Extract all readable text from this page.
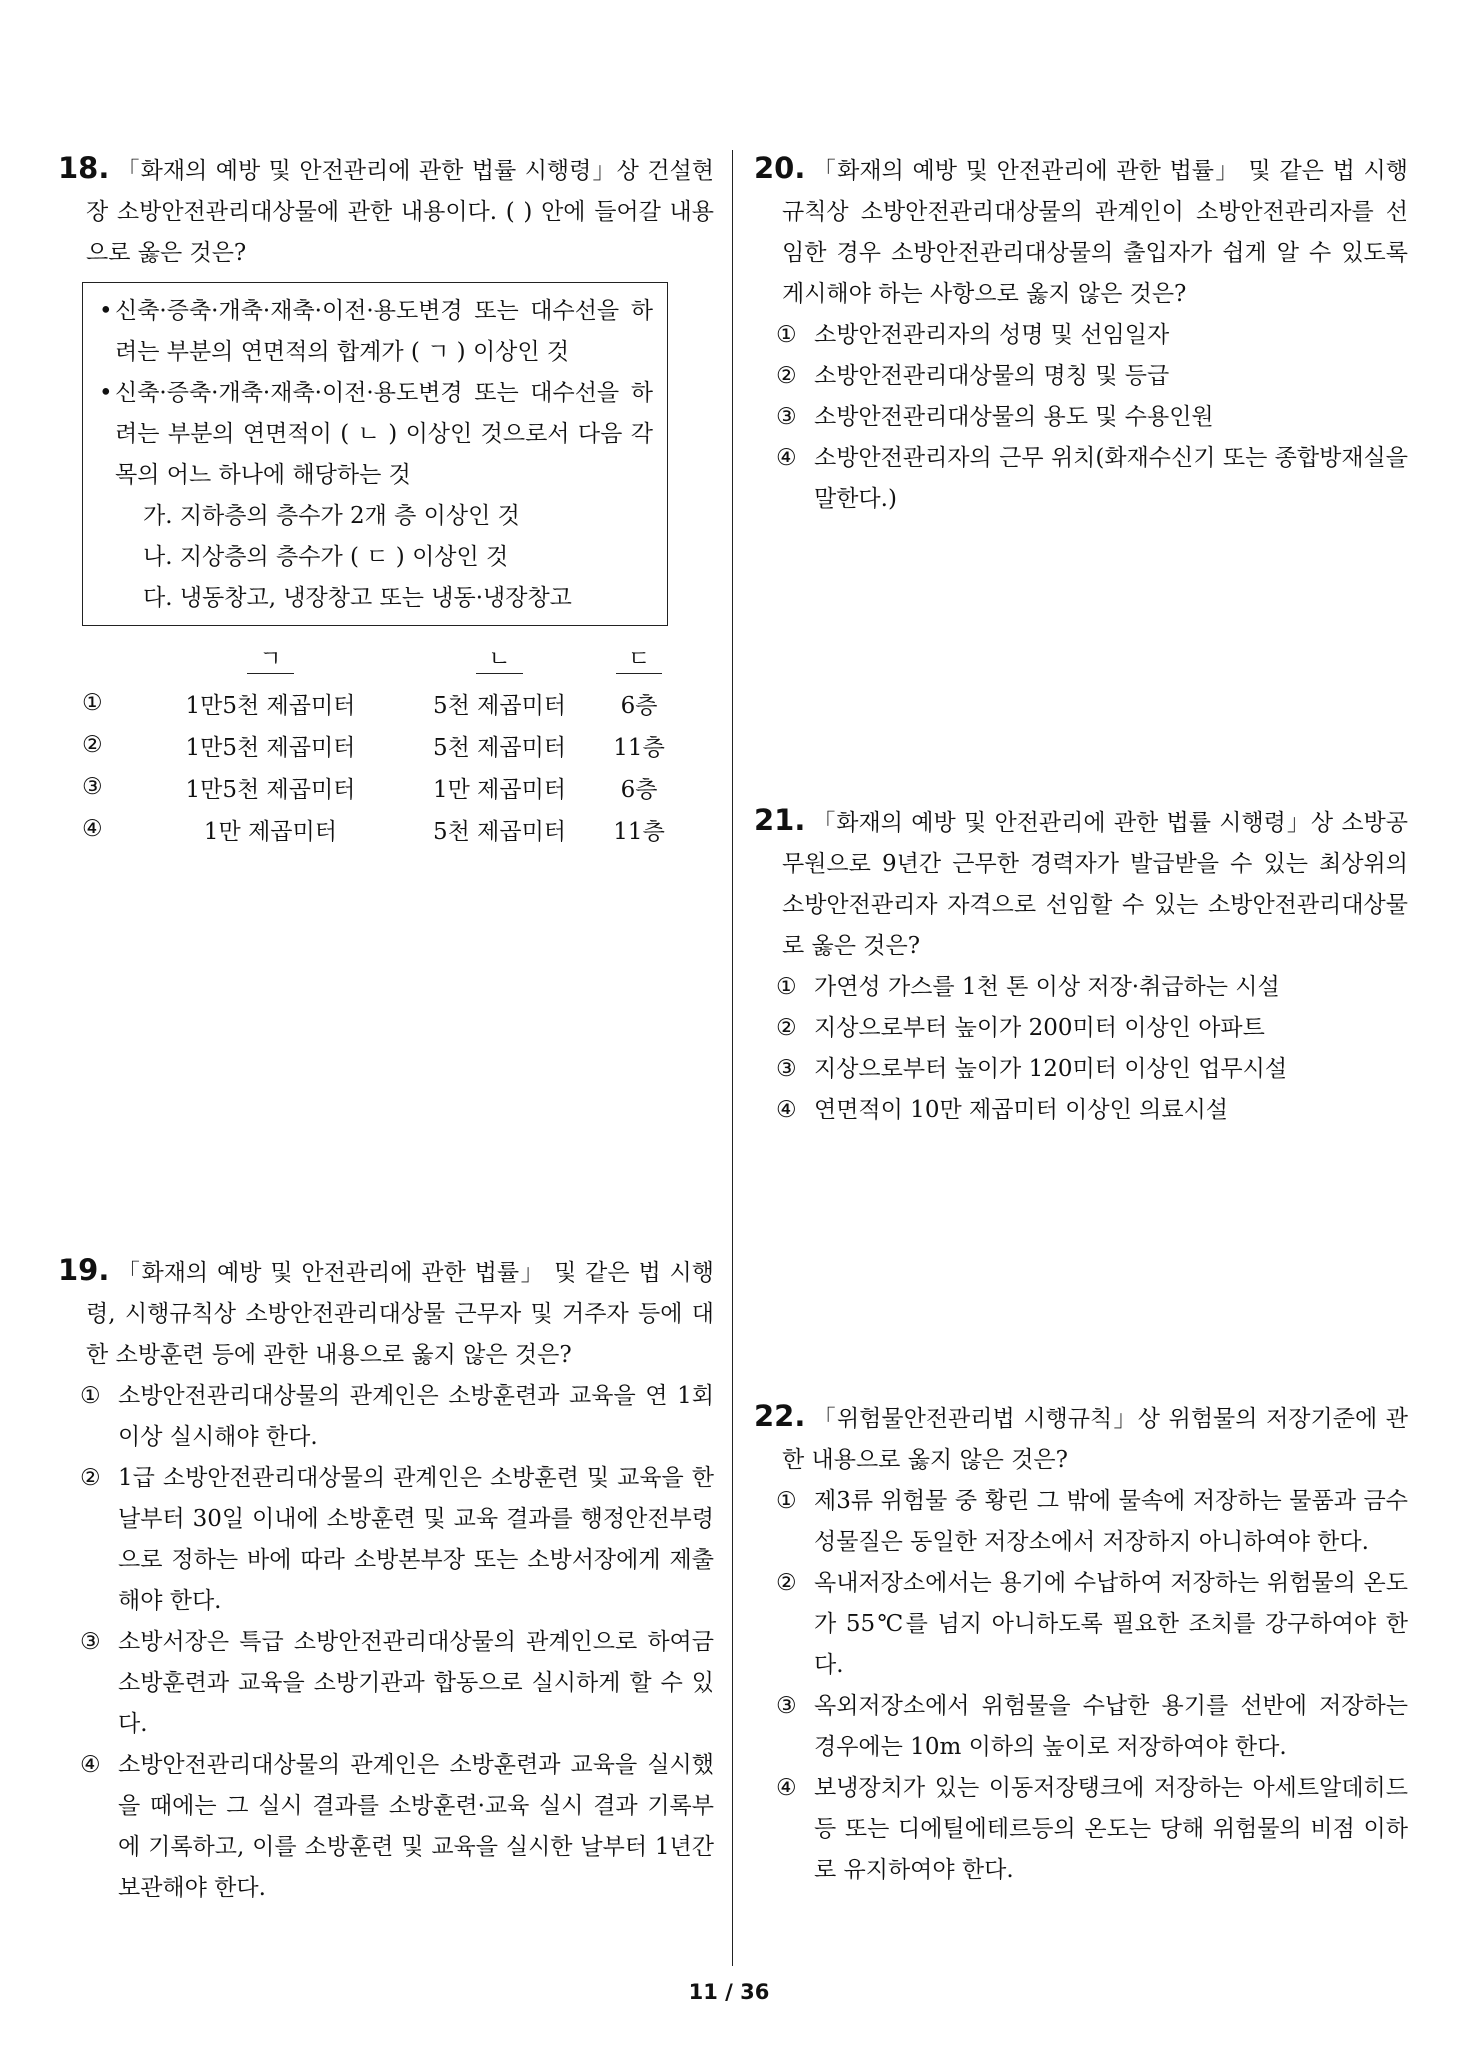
18. 「화재의 예방 및 안전관리에 관한 법률 시행령」상 건설현장 소방안전관리대상물에 관한 내용이다. ( ) 안에 들어갈 내용으로 옳은 것은?
• 신축·증축·개축·재축·이전·용도변경 또는 대수선을 하려는 부분의 연면적의 합계가 ( ㄱ ) 이상인 것
• 신축·증축·개축·재축·이전·용도변경 또는 대수선을 하려는 부분의 연면적이 ( ㄴ ) 이상인 것으로서 다음 각 목의 어느 하나에 해당하는 것
가. 지하층의 층수가 2개 층 이상인 것
나. 지상층의 층수가 ( ㄷ ) 이상인 것
다. 냉동창고, 냉장창고 또는 냉동·냉장창고
	ㄱ	ㄴ	ㄷ
①	1만5천 제곱미터	5천 제곱미터	6층
②	1만5천 제곱미터	5천 제곱미터	11층
③	1만5천 제곱미터	1만 제곱미터	6층
④	1만 제곱미터	5천 제곱미터	11층
19. 「화재의 예방 및 안전관리에 관한 법률」 및 같은 법 시행령, 시행규칙상 소방안전관리대상물 근무자 및 거주자 등에 대한 소방훈련 등에 관한 내용으로 옳지 않은 것은?
① 소방안전관리대상물의 관계인은 소방훈련과 교육을 연 1회 이상 실시해야 한다.
② 1급 소방안전관리대상물의 관계인은 소방훈련 및 교육을 한 날부터 30일 이내에 소방훈련 및 교육 결과를 행정안전부령으로 정하는 바에 따라 소방본부장 또는 소방서장에게 제출해야 한다.
③ 소방서장은 특급 소방안전관리대상물의 관계인으로 하여금 소방훈련과 교육을 소방기관과 합동으로 실시하게 할 수 있다.
④ 소방안전관리대상물의 관계인은 소방훈련과 교육을 실시했을 때에는 그 실시 결과를 소방훈련·교육 실시 결과 기록부에 기록하고, 이를 소방훈련 및 교육을 실시한 날부터 1년간 보관해야 한다.
20. 「화재의 예방 및 안전관리에 관한 법률」 및 같은 법 시행규칙상 소방안전관리대상물의 관계인이 소방안전관리자를 선임한 경우 소방안전관리대상물의 출입자가 쉽게 알 수 있도록 게시해야 하는 사항으로 옳지 않은 것은?
① 소방안전관리자의 성명 및 선임일자
② 소방안전관리대상물의 명칭 및 등급
③ 소방안전관리대상물의 용도 및 수용인원
④ 소방안전관리자의 근무 위치(화재수신기 또는 종합방재실을 말한다.)
21. 「화재의 예방 및 안전관리에 관한 법률 시행령」상 소방공무원으로 9년간 근무한 경력자가 발급받을 수 있는 최상위의 소방안전관리자 자격으로 선임할 수 있는 소방안전관리대상물로 옳은 것은?
① 가연성 가스를 1천 톤 이상 저장·취급하는 시설
② 지상으로부터 높이가 200미터 이상인 아파트
③ 지상으로부터 높이가 120미터 이상인 업무시설
④ 연면적이 10만 제곱미터 이상인 의료시설
22. 「위험물안전관리법 시행규칙」상 위험물의 저장기준에 관한 내용으로 옳지 않은 것은?
① 제3류 위험물 중 황린 그 밖에 물속에 저장하는 물품과 금수성물질은 동일한 저장소에서 저장하지 아니하여야 한다.
② 옥내저장소에서는 용기에 수납하여 저장하는 위험물의 온도가 55℃를 넘지 아니하도록 필요한 조치를 강구하여야 한다.
③ 옥외저장소에서 위험물을 수납한 용기를 선반에 저장하는 경우에는 10m 이하의 높이로 저장하여야 한다.
④ 보냉장치가 있는 이동저장탱크에 저장하는 아세트알데히드등 또는 디에틸에테르등의 온도는 당해 위험물의 비점 이하로 유지하여야 한다.
11 / 36
